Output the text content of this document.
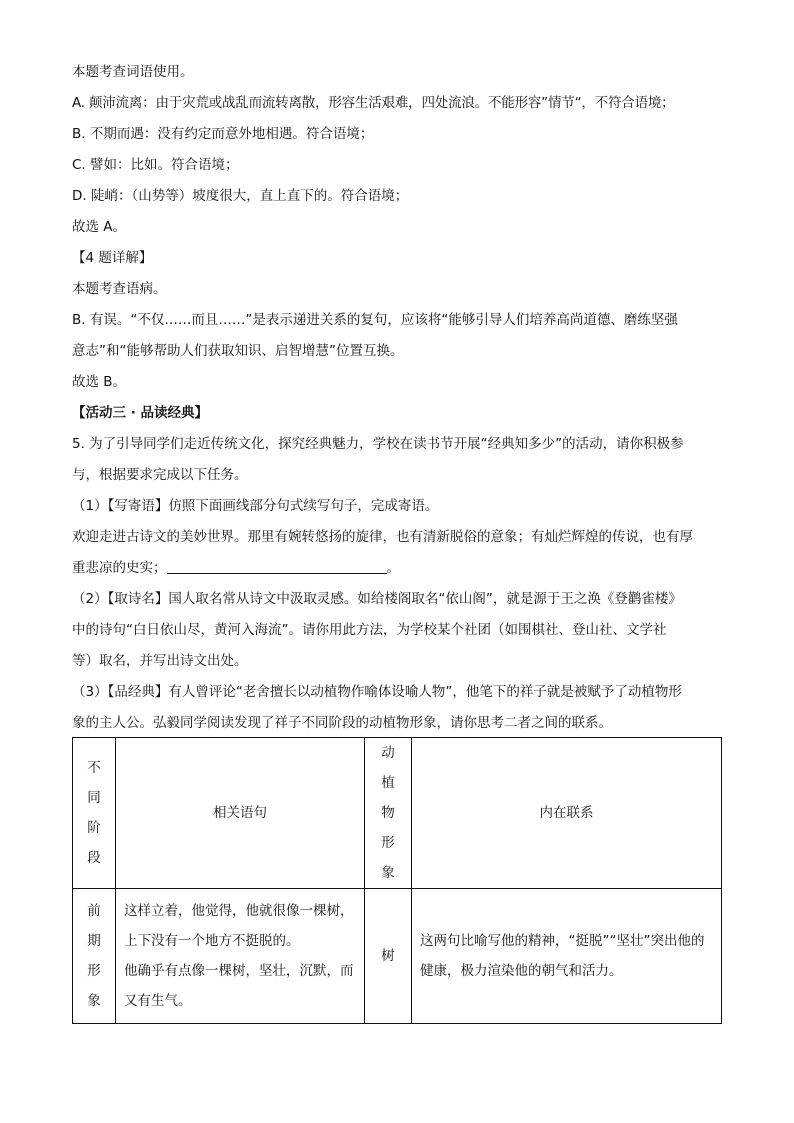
本题考查词语使用。

A. 颠沛流离：由于灾荒或战乱而流转离散，形容生活艰难，四处流浪。不能形容”情节“，不符合语境；

B. 不期而遇：没有约定而意外地相遇。符合语境；

C. 譬如：比如。符合语境；

D. 陡峭：（山势等）坡度很大，直上直下的。符合语境；

故选 A。

【4 题详解】

本题考查语病。

B. 有误。“不仅……而且……”是表示递进关系的复句，应该将“能够引导人们培养高尚道德、磨练坚强

意志”和“能够帮助人们获取知识、启智增慧”位置互换。

故选 B。

【活动三 · 品读经典】

5. 为了引导同学们走近传统文化，探究经典魅力，学校在读书节开展“经典知多少”的活动，请你积极参

与，根据要求完成以下任务。

（1）【写寄语】仿照下面画线部分句式续写句子，完成寄语。

欢迎走进古诗文的美妙世界。那里有婉转悠扬的旋律，也有清新脱俗的意象；有灿烂辉煌的传说，也有厚

重悲凉的史实；	。

（2）【取诗名】国人取名常从诗文中汲取灵感。如给楼阁取名“依山阁”，就是源于王之涣《登鹳雀楼》

中的诗句“白日依山尽，黄河入海流”。请你用此方法，为学校某个社团（如围棋社、登山社、文学社

等）取名，并写出诗文出处。

（3）【品经典】有人曾评论“老舍擅长以动植物作喻体设喻人物”，他笔下的祥子就是被赋予了动植物形

象的主人公。弘毅同学阅读发现了祥子不同阶段的动植物形象，请你思考二者之间的联系。

不同阶段	相关语句	动植物形象	内在联系

前期形象	这样立着，他觉得，他就很像一棵树，上下没有一个地方不挺脱的。
他确乎有点像一棵树，坚壮，沉默，而又有生气。	树	这两句比喻写他的精神，“挺脱”“坚壮”突出他的健康，极力渲染他的朝气和活力。
